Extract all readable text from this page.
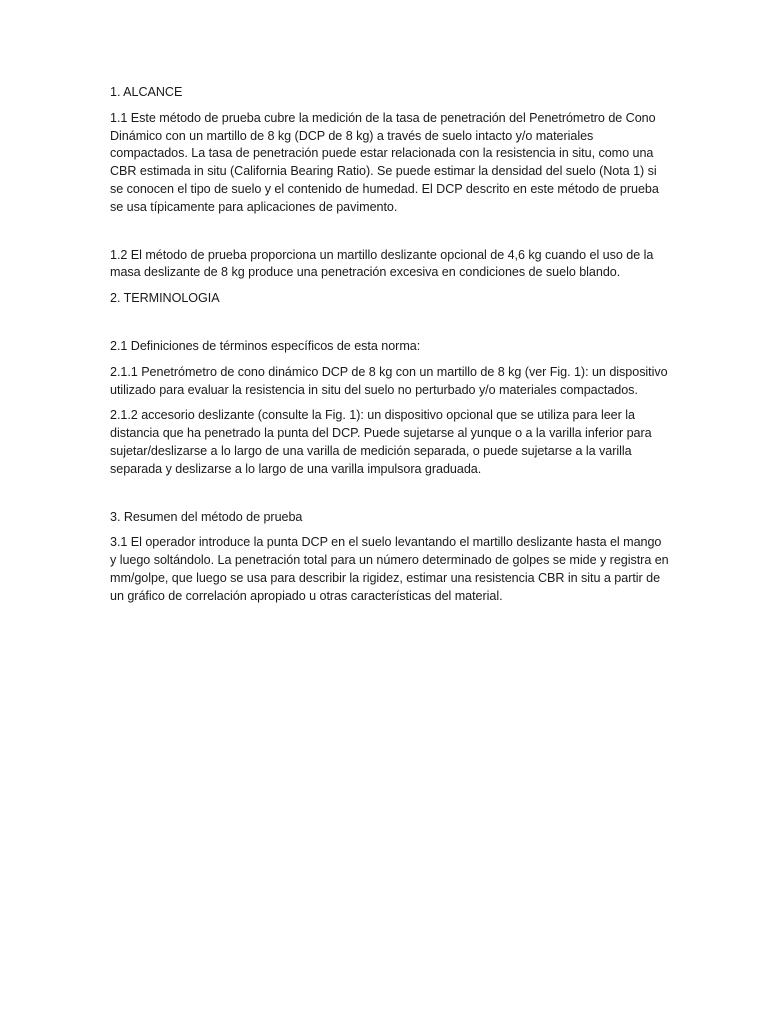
1. ALCANCE

1.1 Este método de prueba cubre la medición de la tasa de penetración del Penetrómetro de Cono Dinámico con un martillo de 8 kg (DCP de 8 kg) a través de suelo intacto y/o materiales compactados. La tasa de penetración puede estar relacionada con la resistencia in situ, como una CBR estimada in situ (California Bearing Ratio). Se puede estimar la densidad del suelo (Nota 1) si se conocen el tipo de suelo y el contenido de humedad. El DCP descrito en este método de prueba se usa típicamente para aplicaciones de pavimento.

1.2 El método de prueba proporciona un martillo deslizante opcional de 4,6 kg cuando el uso de la masa deslizante de 8 kg produce una penetración excesiva en condiciones de suelo blando.

2. TERMINOLOGIA

2.1 Definiciones de términos específicos de esta norma:

2.1.1 Penetrómetro de cono dinámico DCP de 8 kg con un martillo de 8 kg (ver Fig. 1): un dispositivo utilizado para evaluar la resistencia in situ del suelo no perturbado y/o materiales compactados.

2.1.2 accesorio deslizante (consulte la Fig. 1): un dispositivo opcional que se utiliza para leer la distancia que ha penetrado la punta del DCP. Puede sujetarse al yunque o a la varilla inferior para sujetar/deslizarse a lo largo de una varilla de medición separada, o puede sujetarse a la varilla separada y deslizarse a lo largo de una varilla impulsora graduada.

3. Resumen del método de prueba

3.1 El operador introduce la punta DCP en el suelo levantando el martillo deslizante hasta el mango y luego soltándolo. La penetración total para un número determinado de golpes se mide y registra en mm/golpe, que luego se usa para describir la rigidez, estimar una resistencia CBR in situ a partir de un gráfico de correlación apropiado u otras características del material.
